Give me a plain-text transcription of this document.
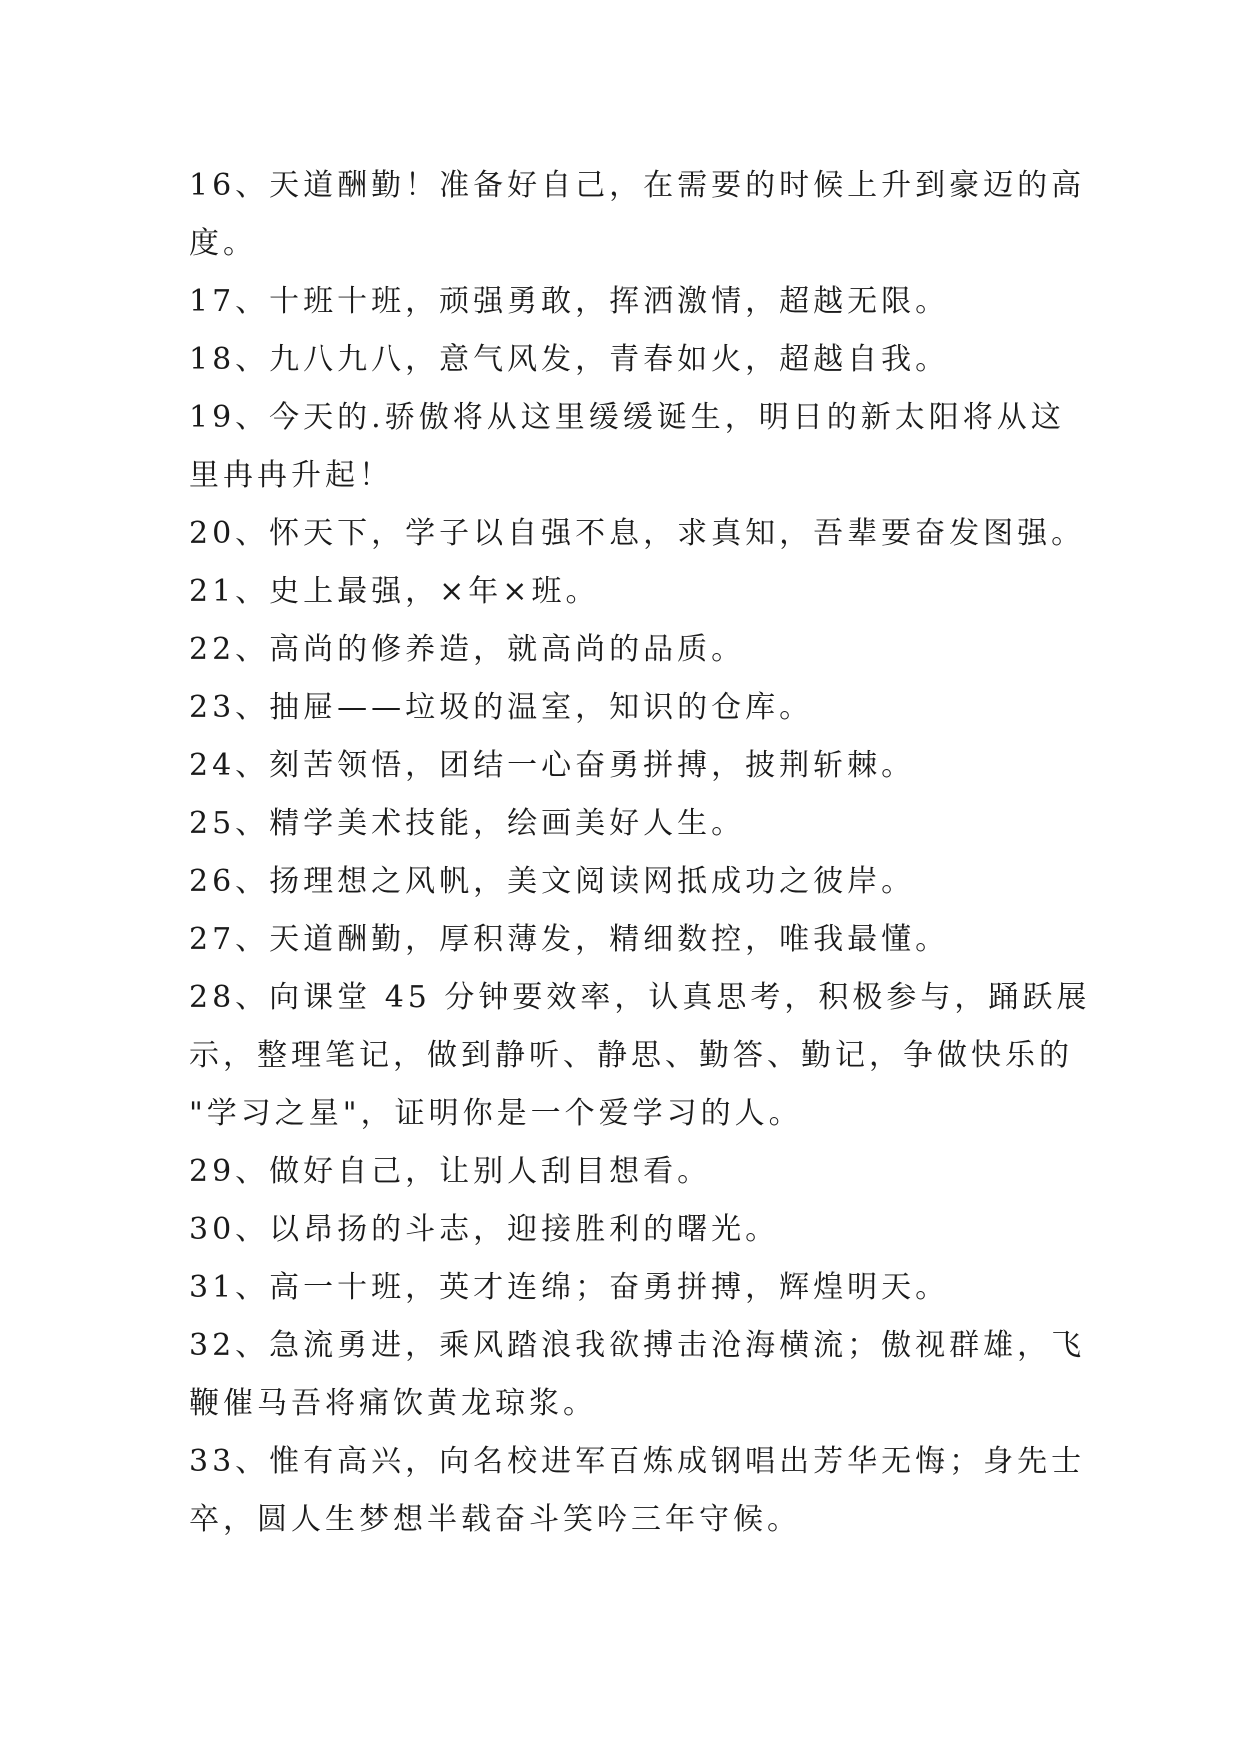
16、天道酬勤！准备好自己，在需要的时候上升到豪迈的高
度。
17、十班十班，顽强勇敢，挥洒激情，超越无限。
18、九八九八，意气风发，青春如火，超越自我。
19、今天的.骄傲将从这里缓缓诞生，明日的新太阳将从这
里冉冉升起！
20、怀天下，学子以自强不息，求真知，吾辈要奋发图强。
21、史上最强，×年×班。
22、高尚的修养造，就高尚的品质。
23、抽屉——垃圾的温室，知识的仓库。
24、刻苦领悟，团结一心奋勇拼搏，披荆斩棘。
25、精学美术技能，绘画美好人生。
26、扬理想之风帆，美文阅读网抵成功之彼岸。
27、天道酬勤，厚积薄发，精细数控，唯我最懂。
28、向课堂 45 分钟要效率，认真思考，积极参与，踊跃展
示，整理笔记，做到静听、静思、勤答、勤记，争做快乐的
"学习之星"，证明你是一个爱学习的人。
29、做好自己，让别人刮目想看。
30、以昂扬的斗志，迎接胜利的曙光。
31、高一十班，英才连绵；奋勇拼搏，辉煌明天。
32、急流勇进，乘风踏浪我欲搏击沧海横流；傲视群雄，飞
鞭催马吾将痛饮黄龙琼浆。
33、惟有高兴，向名校进军百炼成钢唱出芳华无悔；身先士
卒，圆人生梦想半载奋斗笑吟三年守候。
